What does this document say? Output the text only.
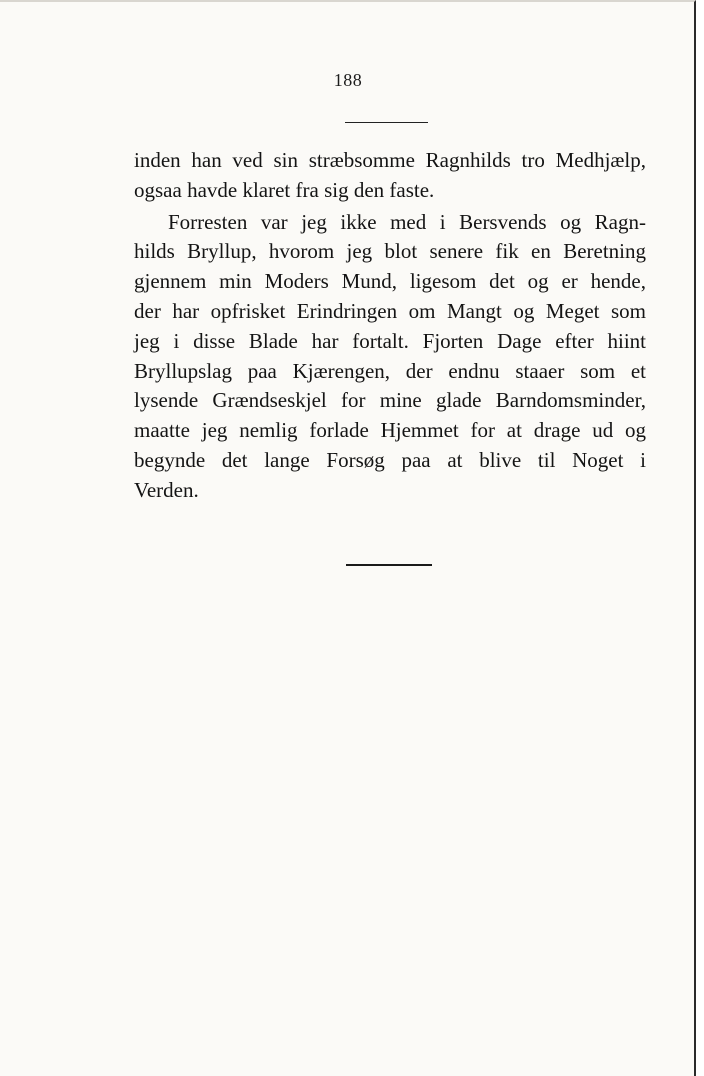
188
inden han ved sin stræbsomme Ragnhilds tro Medhjælp,
ogsaa havde klaret fra sig den faste.
Forresten var jeg ikke med i Bersvends og Ragn-
hilds Bryllup, hvorom jeg blot senere fik en Beretning
gjennem min Moders Mund, ligesom det og er hende,
der har opfrisket Erindringen om Mangt og Meget som
jeg i disse Blade har fortalt. Fjorten Dage efter hiint
Bryllupslag paa Kjærengen, der endnu staaer som et
lysende Grændseskjel for mine glade Barndomsminder,
maatte jeg nemlig forlade Hjemmet for at drage ud og
begynde det lange Forsøg paa at blive til Noget i
Verden.
